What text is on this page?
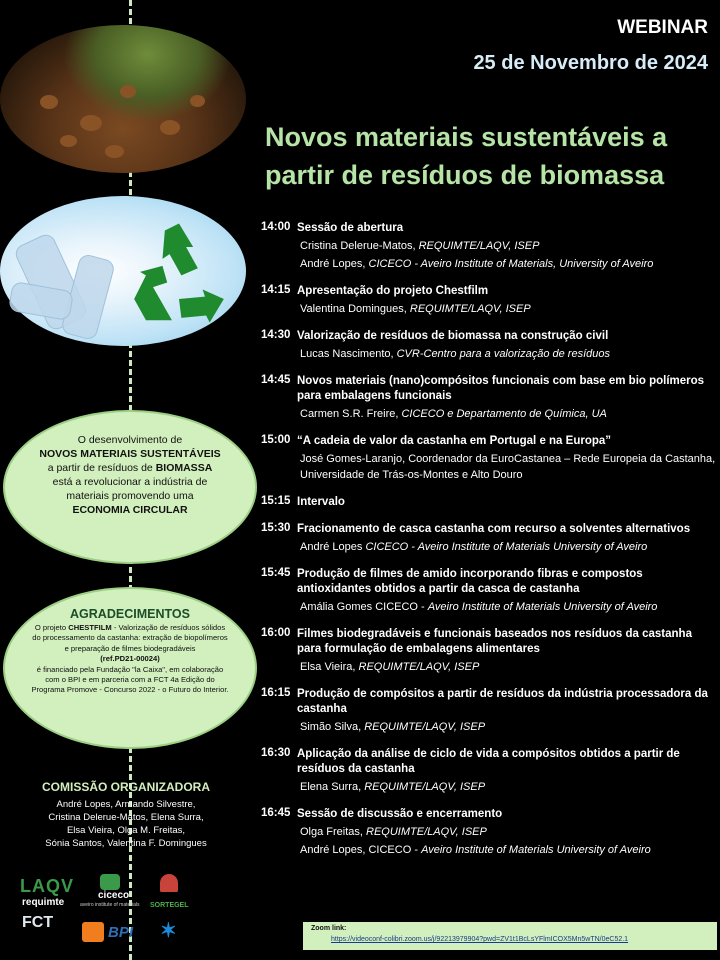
O desenvolvimento de
NOVOS MATERIAIS SUSTENTÁVEIS
a partir de resíduos de BIOMASSA
está a revolucionar a indústria de materiais promovendo uma
ECONOMIA CIRCULAR

AGRADECIMENTOS

O projeto CHESTFILM - Valorização de resíduos sólidos do processamento da castanha: extração de biopolímeros e preparação de filmes biodegradáveis
(ref.PD21-00024)
é financiado pela Fundação "la Caixa", em colaboração com o BPI e em parceria com a FCT 4a Edição do Programa Promove - Concurso 2022 - o Futuro do Interior.

COMISSÃO ORGANIZADORA

André Lopes, Armando Silvestre,

Cristina Delerue-Matos, Elena Surra,

Elsa Vieira, Olga M. Freitas,

Sónia Santos, Valentina F. Domingues

LAQV
requimte
ciceco
aveiro institute of materials SORTEGEL
FCT
BPI ✶
WEBINAR
25 de Novembro de 2024
Novos materiais sustentáveis a partir de resíduos de biomassa
14:00 Sessão de abertura
Cristina Delerue-Matos, REQUIMTE/LAQV, ISEP
André Lopes, CICECO - Aveiro Institute of Materials, University of Aveiro
14:15 Apresentação do projeto Chestfilm
Valentina Domingues, REQUIMTE/LAQV, ISEP
14:30 Valorização de resíduos de biomassa na construção civil
Lucas Nascimento, CVR-Centro para a valorização de resíduos
14:45 Novos materiais (nano)compósitos funcionais com base em bio polímeros para embalagens funcionais
Carmen S.R. Freire, CICECO e Departamento de Química, UA
15:00 “A cadeia de valor da castanha em Portugal e na Europa”
José Gomes-Laranjo, Coordenador da EuroCastanea – Rede Europeia da Castanha, Universidade de Trás-os-Montes e Alto Douro
15:15 Intervalo
15:30 Fracionamento de casca castanha com recurso a solventes alternativos
André Lopes CICECO - Aveiro Institute of Materials University of Aveiro
15:45 Produção de filmes de amido incorporando fibras e compostos antioxidantes obtidos a partir da casca de castanha
Amália Gomes CICECO - Aveiro Institute of Materials University of Aveiro
16:00 Filmes biodegradáveis e funcionais baseados nos resíduos da castanha para formulação de embalagens alimentares
Elsa Vieira, REQUIMTE/LAQV, ISEP
16:15 Produção de compósitos a partir de resíduos da indústria processadora da castanha
Simão Silva, REQUIMTE/LAQV, ISEP
16:30 Aplicação da análise de ciclo de vida a compósitos obtidos a partir de resíduos da castanha
Elena Surra, REQUIMTE/LAQV, ISEP
16:45 Sessão de discussão e encerramento
Olga Freitas, REQUIMTE/LAQV, ISEP
André Lopes, CICECO - Aveiro Institute of Materials University of Aveiro
Zoom link:
https://videoconf-colibri.zoom.us/j/92213979904?pwd=ZV1t1BcLsYFlmICOX5Mn5wTN/0eC52.1
